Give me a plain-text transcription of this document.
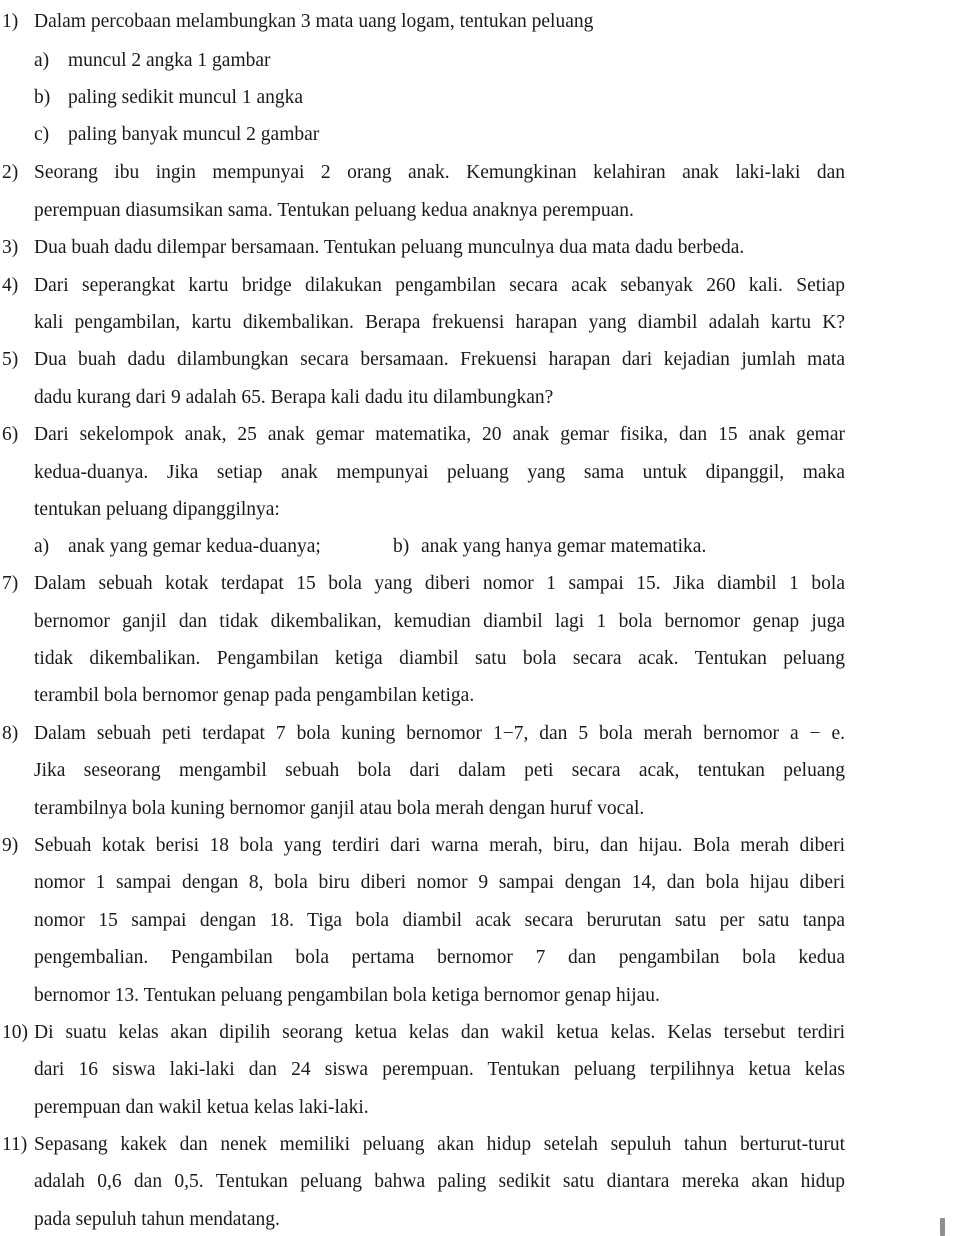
1) Dalam percobaan melambungkan 3 mata uang logam, tentukan peluang
a) muncul 2 angka 1 gambar
b) paling sedikit muncul 1 angka
c) paling banyak muncul 2 gambar
2) Seorang ibu ingin mempunyai 2 orang anak. Kemungkinan kelahiran anak laki-laki dan
perempuan diasumsikan sama. Tentukan peluang kedua anaknya perempuan.
3) Dua buah dadu dilempar bersamaan. Tentukan peluang munculnya dua mata dadu berbeda.
4) Dari seperangkat kartu bridge dilakukan pengambilan secara acak sebanyak 260 kali. Setiap
kali pengambilan, kartu dikembalikan. Berapa frekuensi harapan yang diambil adalah kartu K?
5) Dua buah dadu dilambungkan secara bersamaan. Frekuensi harapan dari kejadian jumlah mata
dadu kurang dari 9 adalah 65. Berapa kali dadu itu dilambungkan?
6) Dari sekelompok anak, 25 anak gemar matematika, 20 anak gemar fisika, dan 15 anak gemar
kedua-duanya. Jika setiap anak mempunyai peluang yang sama untuk dipanggil, maka
tentukan peluang dipanggilnya:
a) anak yang gemar kedua-duanya;	b) anak yang hanya gemar matematika.
7) Dalam sebuah kotak terdapat 15 bola yang diberi nomor 1 sampai 15. Jika diambil 1 bola
bernomor ganjil dan tidak dikembalikan, kemudian diambil lagi 1 bola bernomor genap juga
tidak dikembalikan. Pengambilan ketiga diambil satu bola secara acak. Tentukan peluang
terambil bola bernomor genap pada pengambilan ketiga.
8) Dalam sebuah peti terdapat 7 bola kuning bernomor 1−7, dan 5 bola merah bernomor a − e.
Jika seseorang mengambil sebuah bola dari dalam peti secara acak, tentukan peluang
terambilnya bola kuning bernomor ganjil atau bola merah dengan huruf vocal.
9) Sebuah kotak berisi 18 bola yang terdiri dari warna merah, biru, dan hijau. Bola merah diberi
nomor 1 sampai dengan 8, bola biru diberi nomor 9 sampai dengan 14, dan bola hijau diberi
nomor 15 sampai dengan 18. Tiga bola diambil acak secara berurutan satu per satu tanpa
pengembalian. Pengambilan bola pertama bernomor 7 dan pengambilan bola kedua
bernomor 13. Tentukan peluang pengambilan bola ketiga bernomor genap hijau.
10) Di suatu kelas akan dipilih seorang ketua kelas dan wakil ketua kelas. Kelas tersebut terdiri
dari 16 siswa laki-laki dan 24 siswa perempuan. Tentukan peluang terpilihnya ketua kelas
perempuan dan wakil ketua kelas laki-laki.
11) Sepasang kakek dan nenek memiliki peluang akan hidup setelah sepuluh tahun berturut-turut
adalah 0,6 dan 0,5. Tentukan peluang bahwa paling sedikit satu diantara mereka akan hidup
pada sepuluh tahun mendatang.
